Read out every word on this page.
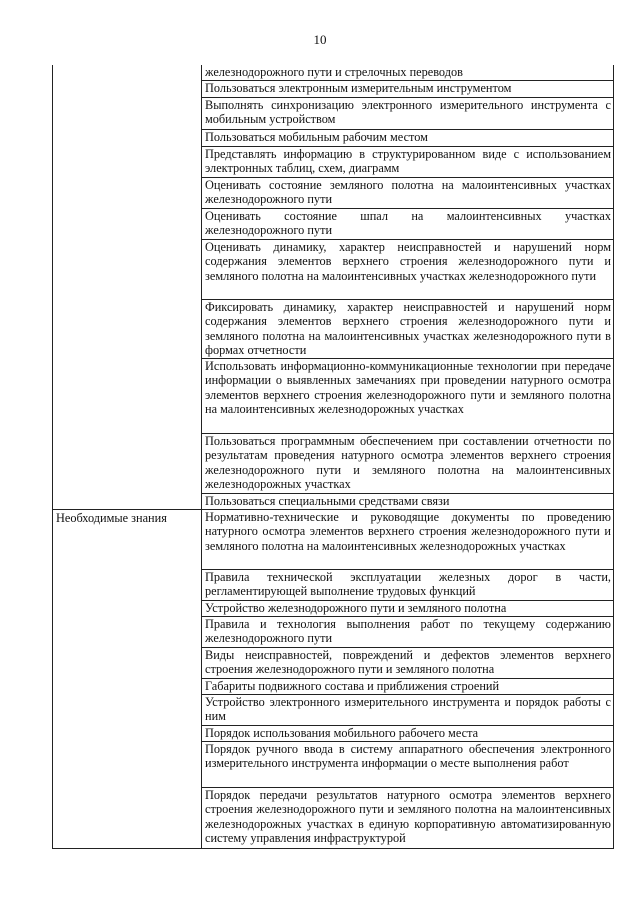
10

	железнодорожного пути и стрелочных переводов

	Пользоваться электронным измерительным инструментом

	Выполнять синхронизацию электронного измерительного инструмента с мобильным устройством

	Пользоваться мобильным рабочим местом

	Представлять информацию в структурированном виде с использованием электронных таблиц, схем, диаграмм

	Оценивать состояние земляного полотна на малоинтенсивных участках железнодорожного пути

	Оценивать состояние шпал на малоинтенсивных участках железнодорожного пути

	Оценивать динамику, характер неисправностей и нарушений норм содержания элементов верхнего строения железнодорожного пути и земляного полотна на малоинтенсивных участках железнодорожного пути

	Фиксировать динамику, характер неисправностей и нарушений норм содержания элементов верхнего строения железнодорожного пути и земляного полотна на малоинтенсивных участках железнодорожного пути в формах отчетности

	Использовать информационно-коммуникационные технологии при передаче информации о выявленных замечаниях при проведении натурного осмотра элементов верхнего строения железнодорожного пути и земляного полотна на малоинтенсивных железнодорожных участках

	Пользоваться программным обеспечением при составлении отчетности по результатам проведения натурного осмотра элементов верхнего строения железнодорожного пути и земляного полотна на малоинтенсивных железнодорожных участках

	Пользоваться специальными средствами связи

Необходимые знания	Нормативно-технические и руководящие документы по проведению натурного осмотра элементов верхнего строения железнодорожного пути и земляного полотна на малоинтенсивных железнодорожных участках

	Правила технической эксплуатации железных дорог в части, регламентирующей выполнение трудовых функций

	Устройство железнодорожного пути и земляного полотна

	Правила и технология выполнения работ по текущему содержанию железнодорожного пути

	Виды неисправностей, повреждений и дефектов элементов верхнего строения железнодорожного пути и земляного полотна

	Габариты подвижного состава и приближения строений

	Устройство электронного измерительного инструмента и порядок работы с ним

	Порядок использования мобильного рабочего места

	Порядок ручного ввода в систему аппаратного обеспечения электронного измерительного инструмента информации о месте выполнения работ

	Порядок передачи результатов натурного осмотра элементов верхнего строения железнодорожного пути и земляного полотна на малоинтенсивных железнодорожных участках в единую корпоративную автоматизированную систему управления инфраструктурой
